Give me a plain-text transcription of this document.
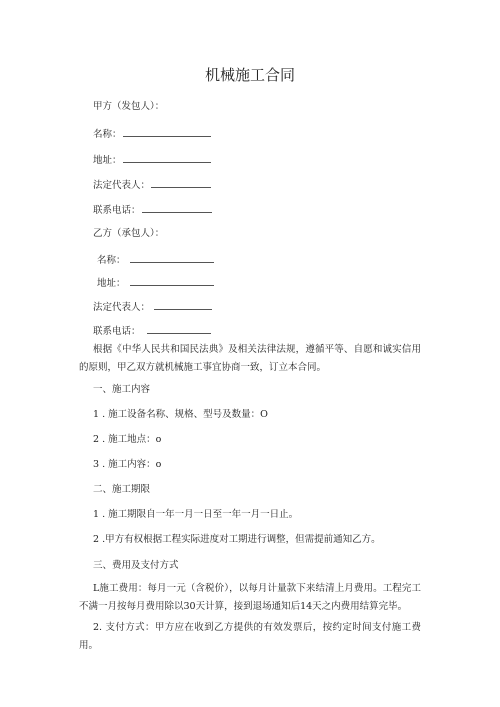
机械施工合同
甲方（发包人）：
名称：
地址：
法定代表人：
联系电话：
乙方（承包人）：
名称：
地址：
法定代表人：
联系电话：
根据《中华人民共和国民法典》及相关法律法规，遵循平等、自愿和诚实信用的原则，甲乙双方就机械施工事宜协商一致，订立本合同。
一、施工内容
1 . 施工设备名称、规格、型号及数量：O
2 . 施工地点：o
3 . 施工内容：o
二、施工期限
1 . 施工期限自一年一月一日至一年一月一日止。
2 .甲方有权根据工程实际进度对工期进行调整，但需提前通知乙方。
三、费用及支付方式
L施工费用：每月一元（含税价），以每月计量款下来结清上月费用。工程完工不满一月按每月费用除以30天计算，接到退场通知后14天之内费用结算完毕。
2. 支付方式：甲方应在收到乙方提供的有效发票后，按约定时间支付施工费用。
